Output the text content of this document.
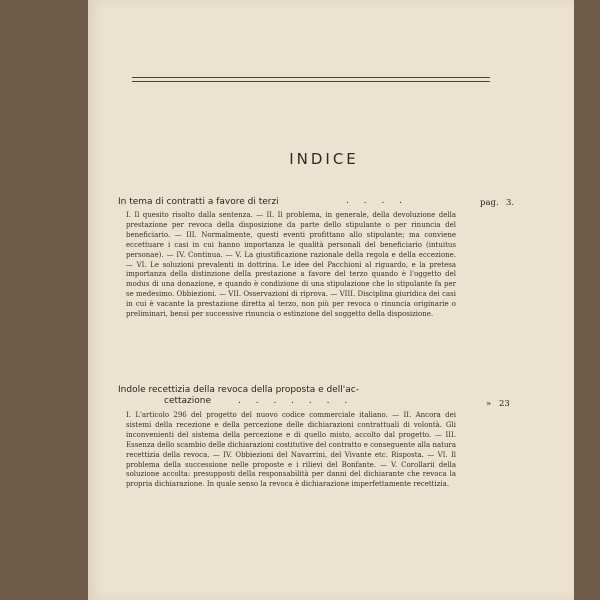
INDICE
In tema di contratti a favore di terzi	. . . .	pag. 3.
I. Il quesito risolto dalla sentenza. — II. Il problema, in generale, della devoluzione della prestazione per revoca della disposizione da parte dello stipulante o per rinuncia del beneficiario. — III. Normalmente, questi eventi profittano allo stipulante; ma conviene eccettuare i casi in cui hanno importanza le qualità personali del beneficiario (intuitus personae). — IV. Continua. — V. La giustificazione razionale della regola e della eccezione. — VI. Le soluzioni prevalenti in dottrina. Le idee del Pacchioni al riguardo, e la pretesa importanza della distinzione della prestazione a favore del terzo quando è l'oggetto del modus di una donazione, e quando è condizione di una stipulazione che lo stipulante fa per se medesimo. Obbiezioni. — VII. Osservazioni di riprova. — VIII. Disciplina giuridica dei casi in cui è vacante la prestazione diretta al terzo, non più per revoca o rinuncia originarie o preliminari, bensì per successive rinuncia o estinzione del soggetto della disposizione.
Indole recettizia della revoca della proposta e dell'ac-
cettazione	. . . . . . .	» 23
I. L'articolo 296 del progetto del nuovo codice commerciale italiano. — II. Ancora dei sistemi della recezione e della percezione delle dichiarazioni contrattuali di volontà. Gli inconvenienti del sistema della percezione e di quello misto, accolto dal progetto. — III. Essenza dello scambio delle dichiarazioni costitutive del contratto e conseguente alla natura recettizia della revoca. — IV. Obbiezioni del Navarrini, del Vivante etc. Risposta. — VI. Il problema della successione nelle proposte e i rilievi del Bonfante. — V. Corollarii della soluzione accolta: presupposti della responsabilità per danni del dichiarante che revoca la propria dichiarazione. In quale senso la revoca è dichiarazione imperfettamente recettizia.
